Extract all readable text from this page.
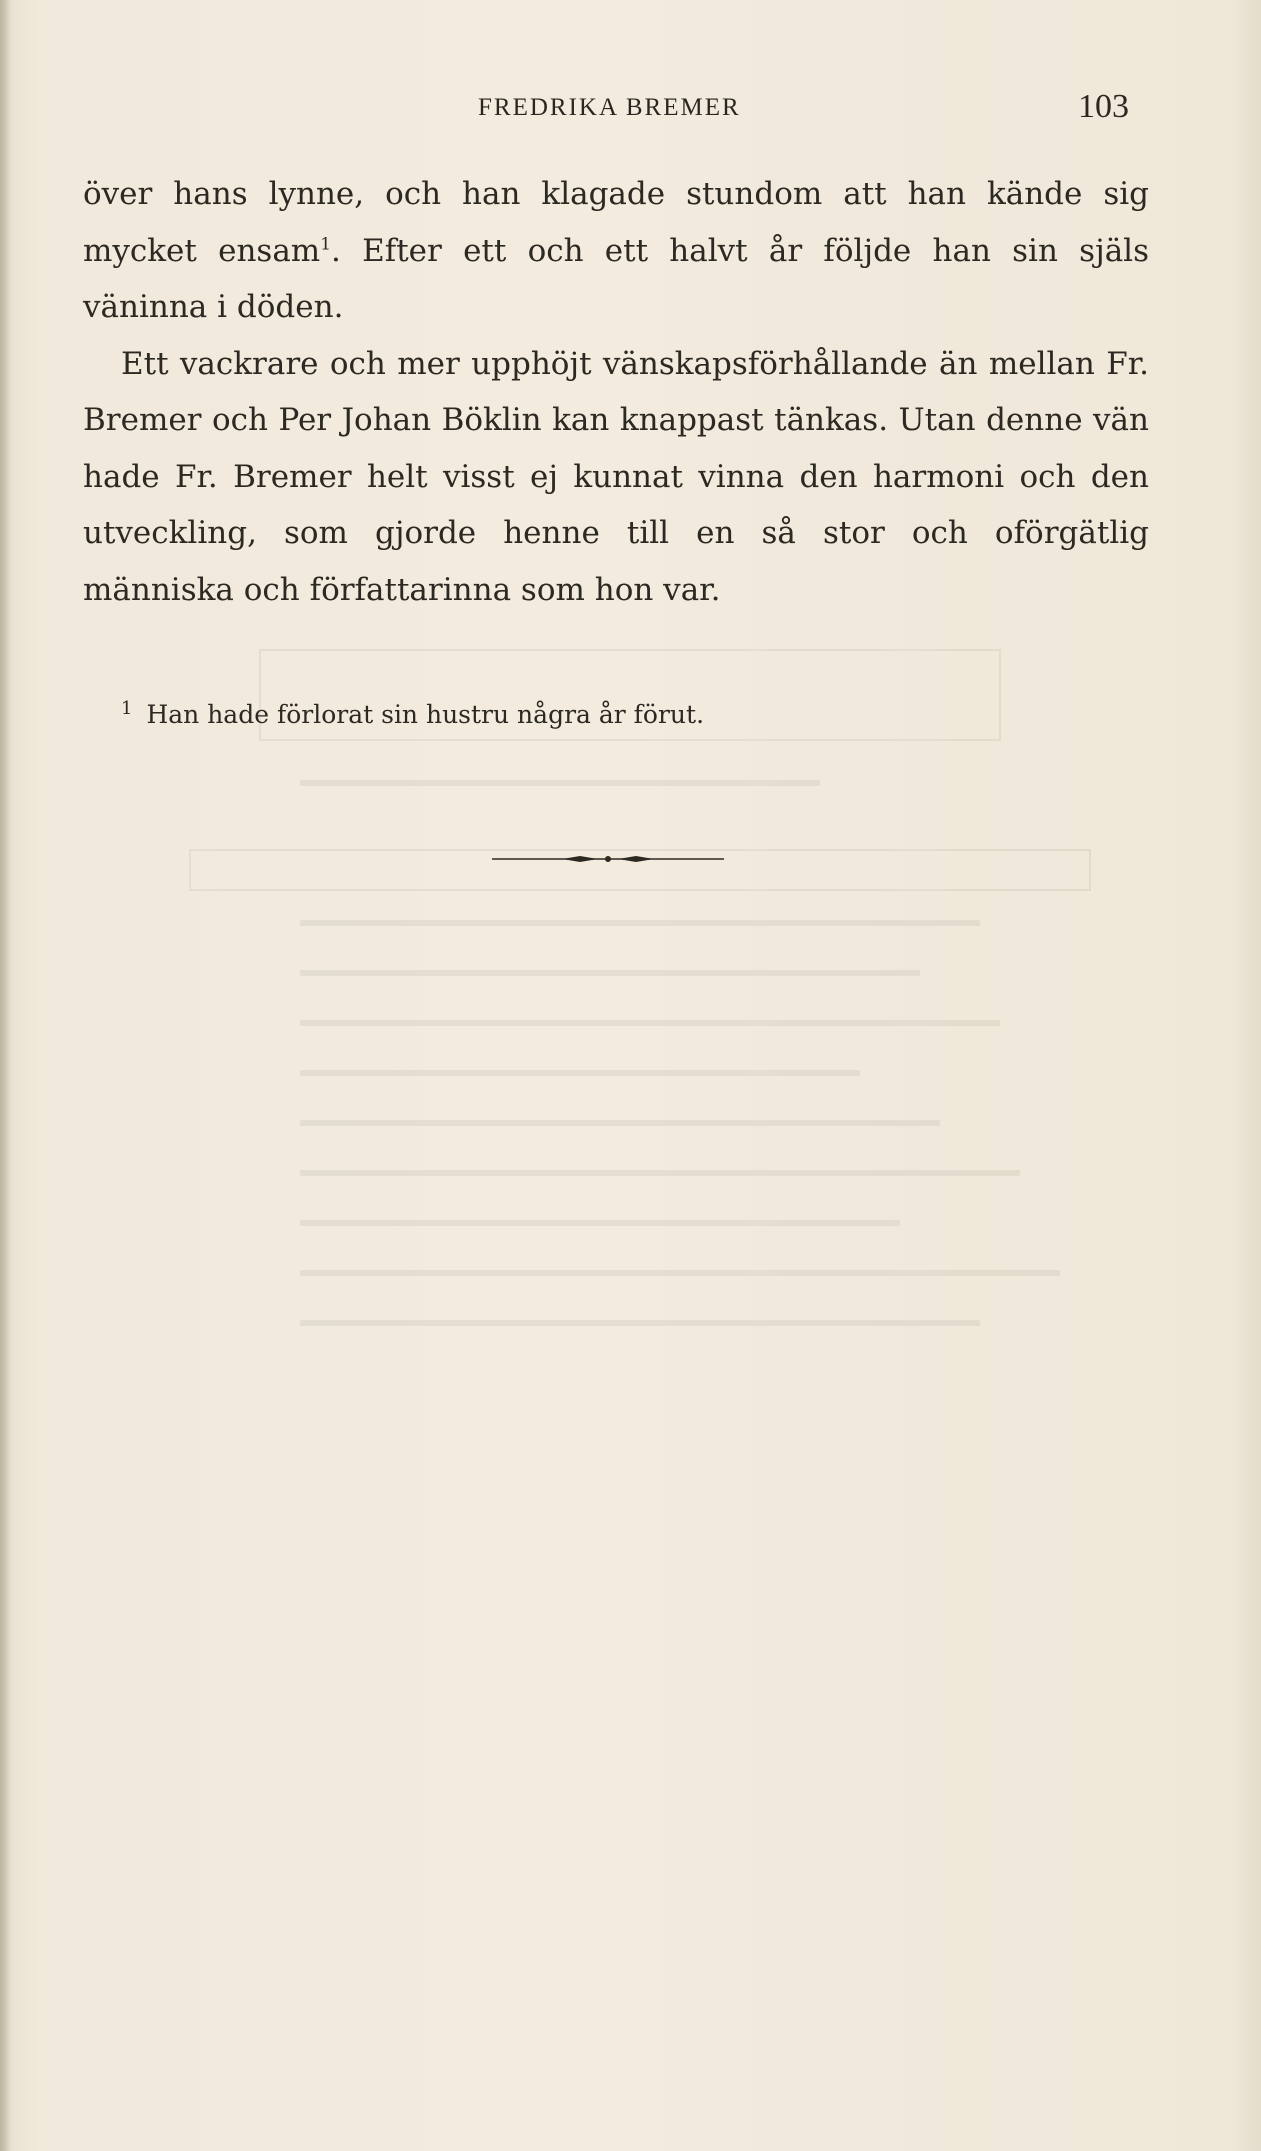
FREDRIKA BREMER	103

över hans lynne, och han klagade stundom att han kände sig mycket ensam$^1$. Efter ett och ett halvt år följde han sin själs väninna i döden.

Ett vackrare och mer upphöjt vänskapsförhållande än mellan Fr. Bremer och Per Johan Böklin kan knappast tänkas. Utan denne vän hade Fr. Bremer helt visst ej kunnat vinna den harmoni och den utveckling, som gjorde henne till en så stor och oförgätlig människa och författarinna som hon var.

$^1$ Han hade förlorat sin hustru några år förut.
